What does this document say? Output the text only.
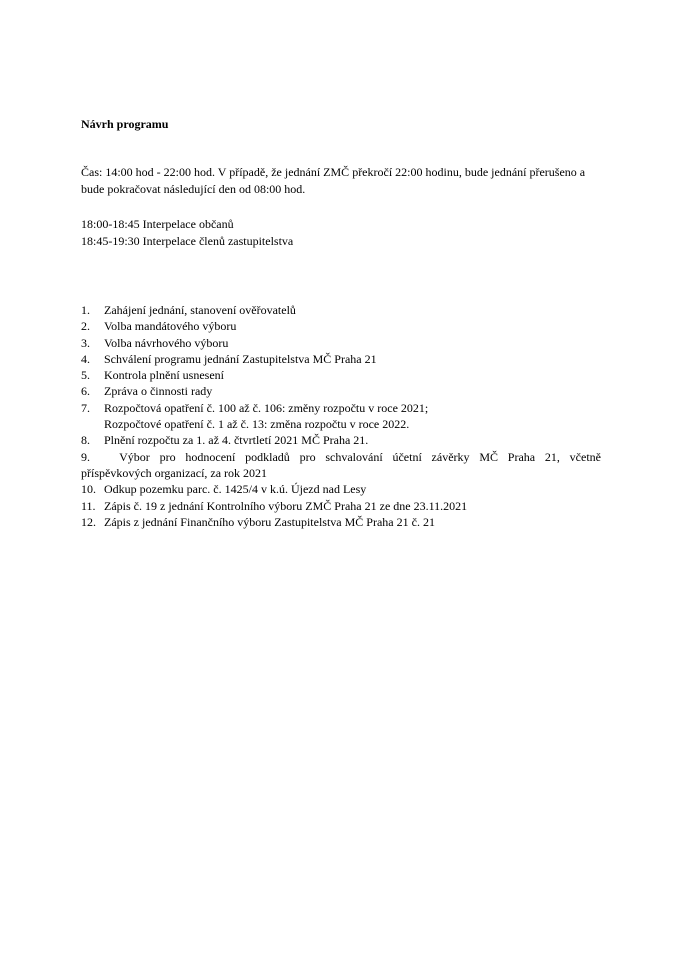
Návrh programu

Čas: 14:00 hod - 22:00 hod. V případě, že jednání ZMČ překročí 22:00 hodinu, bude jednání přerušeno a bude pokračovat následující den od 08:00 hod.

18:00-18:45 Interpelace občanů
18:45-19:30 Interpelace členů zastupitelstva
1. Zahájení jednání, stanovení ověřovatelů
2. Volba mandátového výboru
3. Volba návrhového výboru
4. Schválení programu jednání Zastupitelstva MČ Praha 21
5. Kontrola plnění usnesení
6. Zpráva o činnosti rady
7. Rozpočtová opatření č. 100 až č. 106: změny rozpočtu v roce 2021;
Rozpočtové opatření č. 1 až č. 13: změna rozpočtu v roce 2022.
8. Plnění rozpočtu za 1. až 4. čtvrtletí 2021 MČ Praha 21.
9. Výbor pro hodnocení podkladů pro schvalování účetní závěrky MČ Praha 21, včetně
příspěvkových organizací, za rok 2021
10. Odkup pozemku parc. č. 1425/4 v k.ú. Újezd nad Lesy
11. Zápis č. 19 z jednání Kontrolního výboru ZMČ Praha 21 ze dne 23.11.2021
12. Zápis z jednání Finančního výboru Zastupitelstva MČ Praha 21 č. 21
